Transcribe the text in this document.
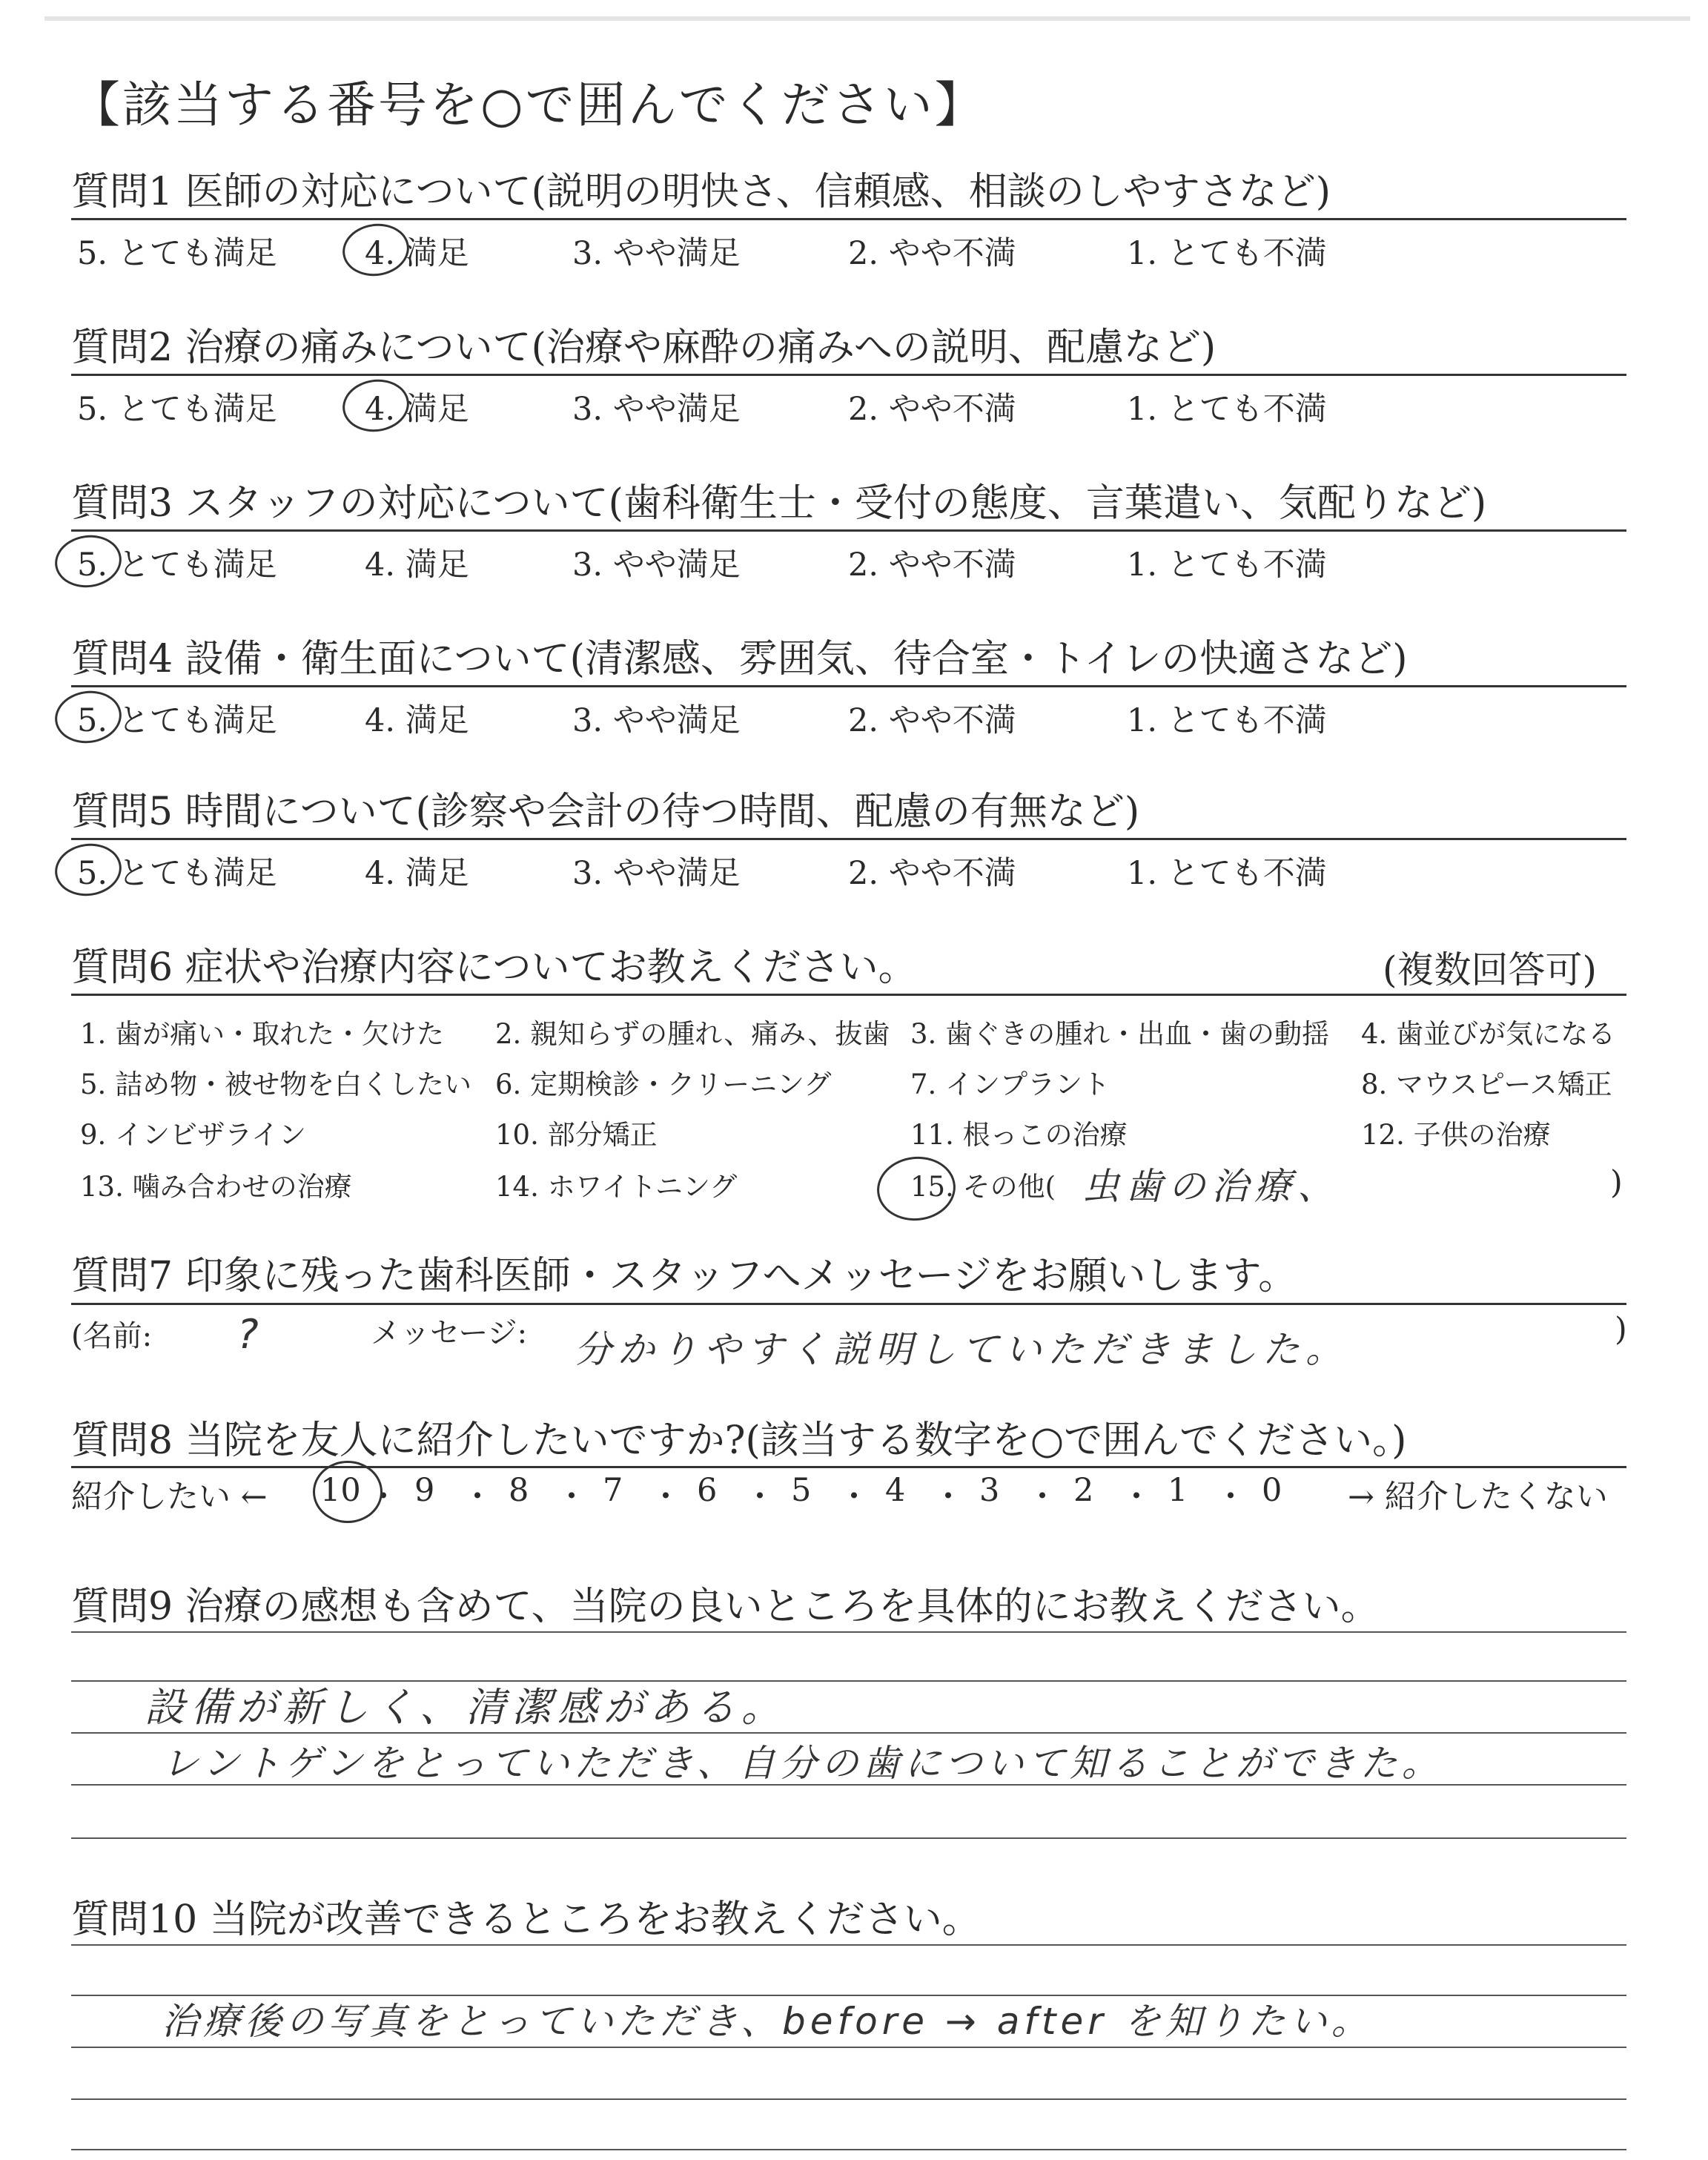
【該当する番号を○で囲んでください】
質問1 医師の対応について(説明の明快さ、信頼感、相談のしやすさなど)
5. とても満足	4. 満足	3. やや満足	2. やや不満	1. とても不満
質問2 治療の痛みについて(治療や麻酔の痛みへの説明、配慮など)
5. とても満足	4. 満足	3. やや満足	2. やや不満	1. とても不満
質問3 スタッフの対応について(歯科衛生士・受付の態度、言葉遣い、気配りなど)
5. とても満足	4. 満足	3. やや満足	2. やや不満	1. とても不満
質問4 設備・衛生面について(清潔感、雰囲気、待合室・トイレの快適さなど)
5. とても満足	4. 満足	3. やや満足	2. やや不満	1. とても不満
質問5 時間について(診察や会計の待つ時間、配慮の有無など)
5. とても満足	4. 満足	3. やや満足	2. やや不満	1. とても不満
質問6 症状や治療内容についてお教えください。	(複数回答可)
1. 歯が痛い・取れた・欠けた 2. 親知らずの腫れ、痛み、抜歯 3. 歯ぐきの腫れ・出血・歯の動揺 4. 歯並びが気になる
5. 詰め物・被せ物を白くしたい 6. 定期検診・クリーニング	7. インプラント	8. マウスピース矯正
9. インビザライン	10. 部分矯正	11. 根っこの治療	12. 子供の治療
13. 噛み合わせの治療	14. ホワイトニング	15. その他(	)
虫歯の治療、
質問7 印象に残った歯科医師・スタッフへメッセージをお願いします。
(名前: ?	メッセージ: 分かりやすく説明していただきました。	)
質問8 当院を友人に紹介したいですか?(該当する数字を○で囲んでください。)
紹介したい ← 10 ・ 9 ・ 8 ・ 7 ・ 6 ・ 5 ・ 4 ・ 3 ・ 2 ・ 1 ・ 0 → 紹介したくない
質問9 治療の感想も含めて、当院の良いところを具体的にお教えください。
設備が新しく、清潔感がある。
レントゲンをとっていただき、自分の歯について知ることができた。
質問10 当院が改善できるところをお教えください。
治療後の写真をとっていただき、before → after を知りたい。
